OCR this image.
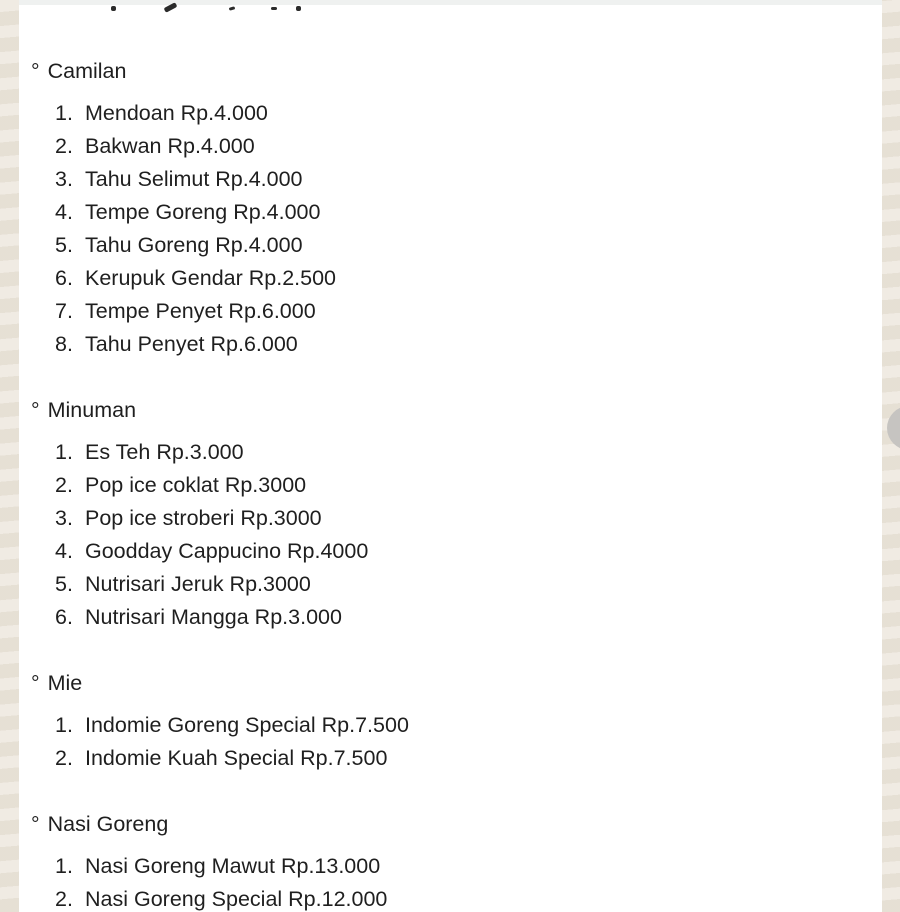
° Camilan
1. Mendoan Rp.4.000
2. Bakwan Rp.4.000
3. Tahu Selimut Rp.4.000
4. Tempe Goreng Rp.4.000
5. Tahu Goreng Rp.4.000
6. Kerupuk Gendar Rp.2.500
7. Tempe Penyet Rp.6.000
8. Tahu Penyet Rp.6.000
° Minuman
1. Es Teh Rp.3.000
2. Pop ice coklat Rp.3000
3. Pop ice stroberi Rp.3000
4. Goodday Cappucino Rp.4000
5. Nutrisari Jeruk Rp.3000
6. Nutrisari Mangga Rp.3.000
° Mie
1. Indomie Goreng Special Rp.7.500
2. Indomie Kuah Special Rp.7.500
° Nasi Goreng
1. Nasi Goreng Mawut Rp.13.000
2. Nasi Goreng Special Rp.12.000
